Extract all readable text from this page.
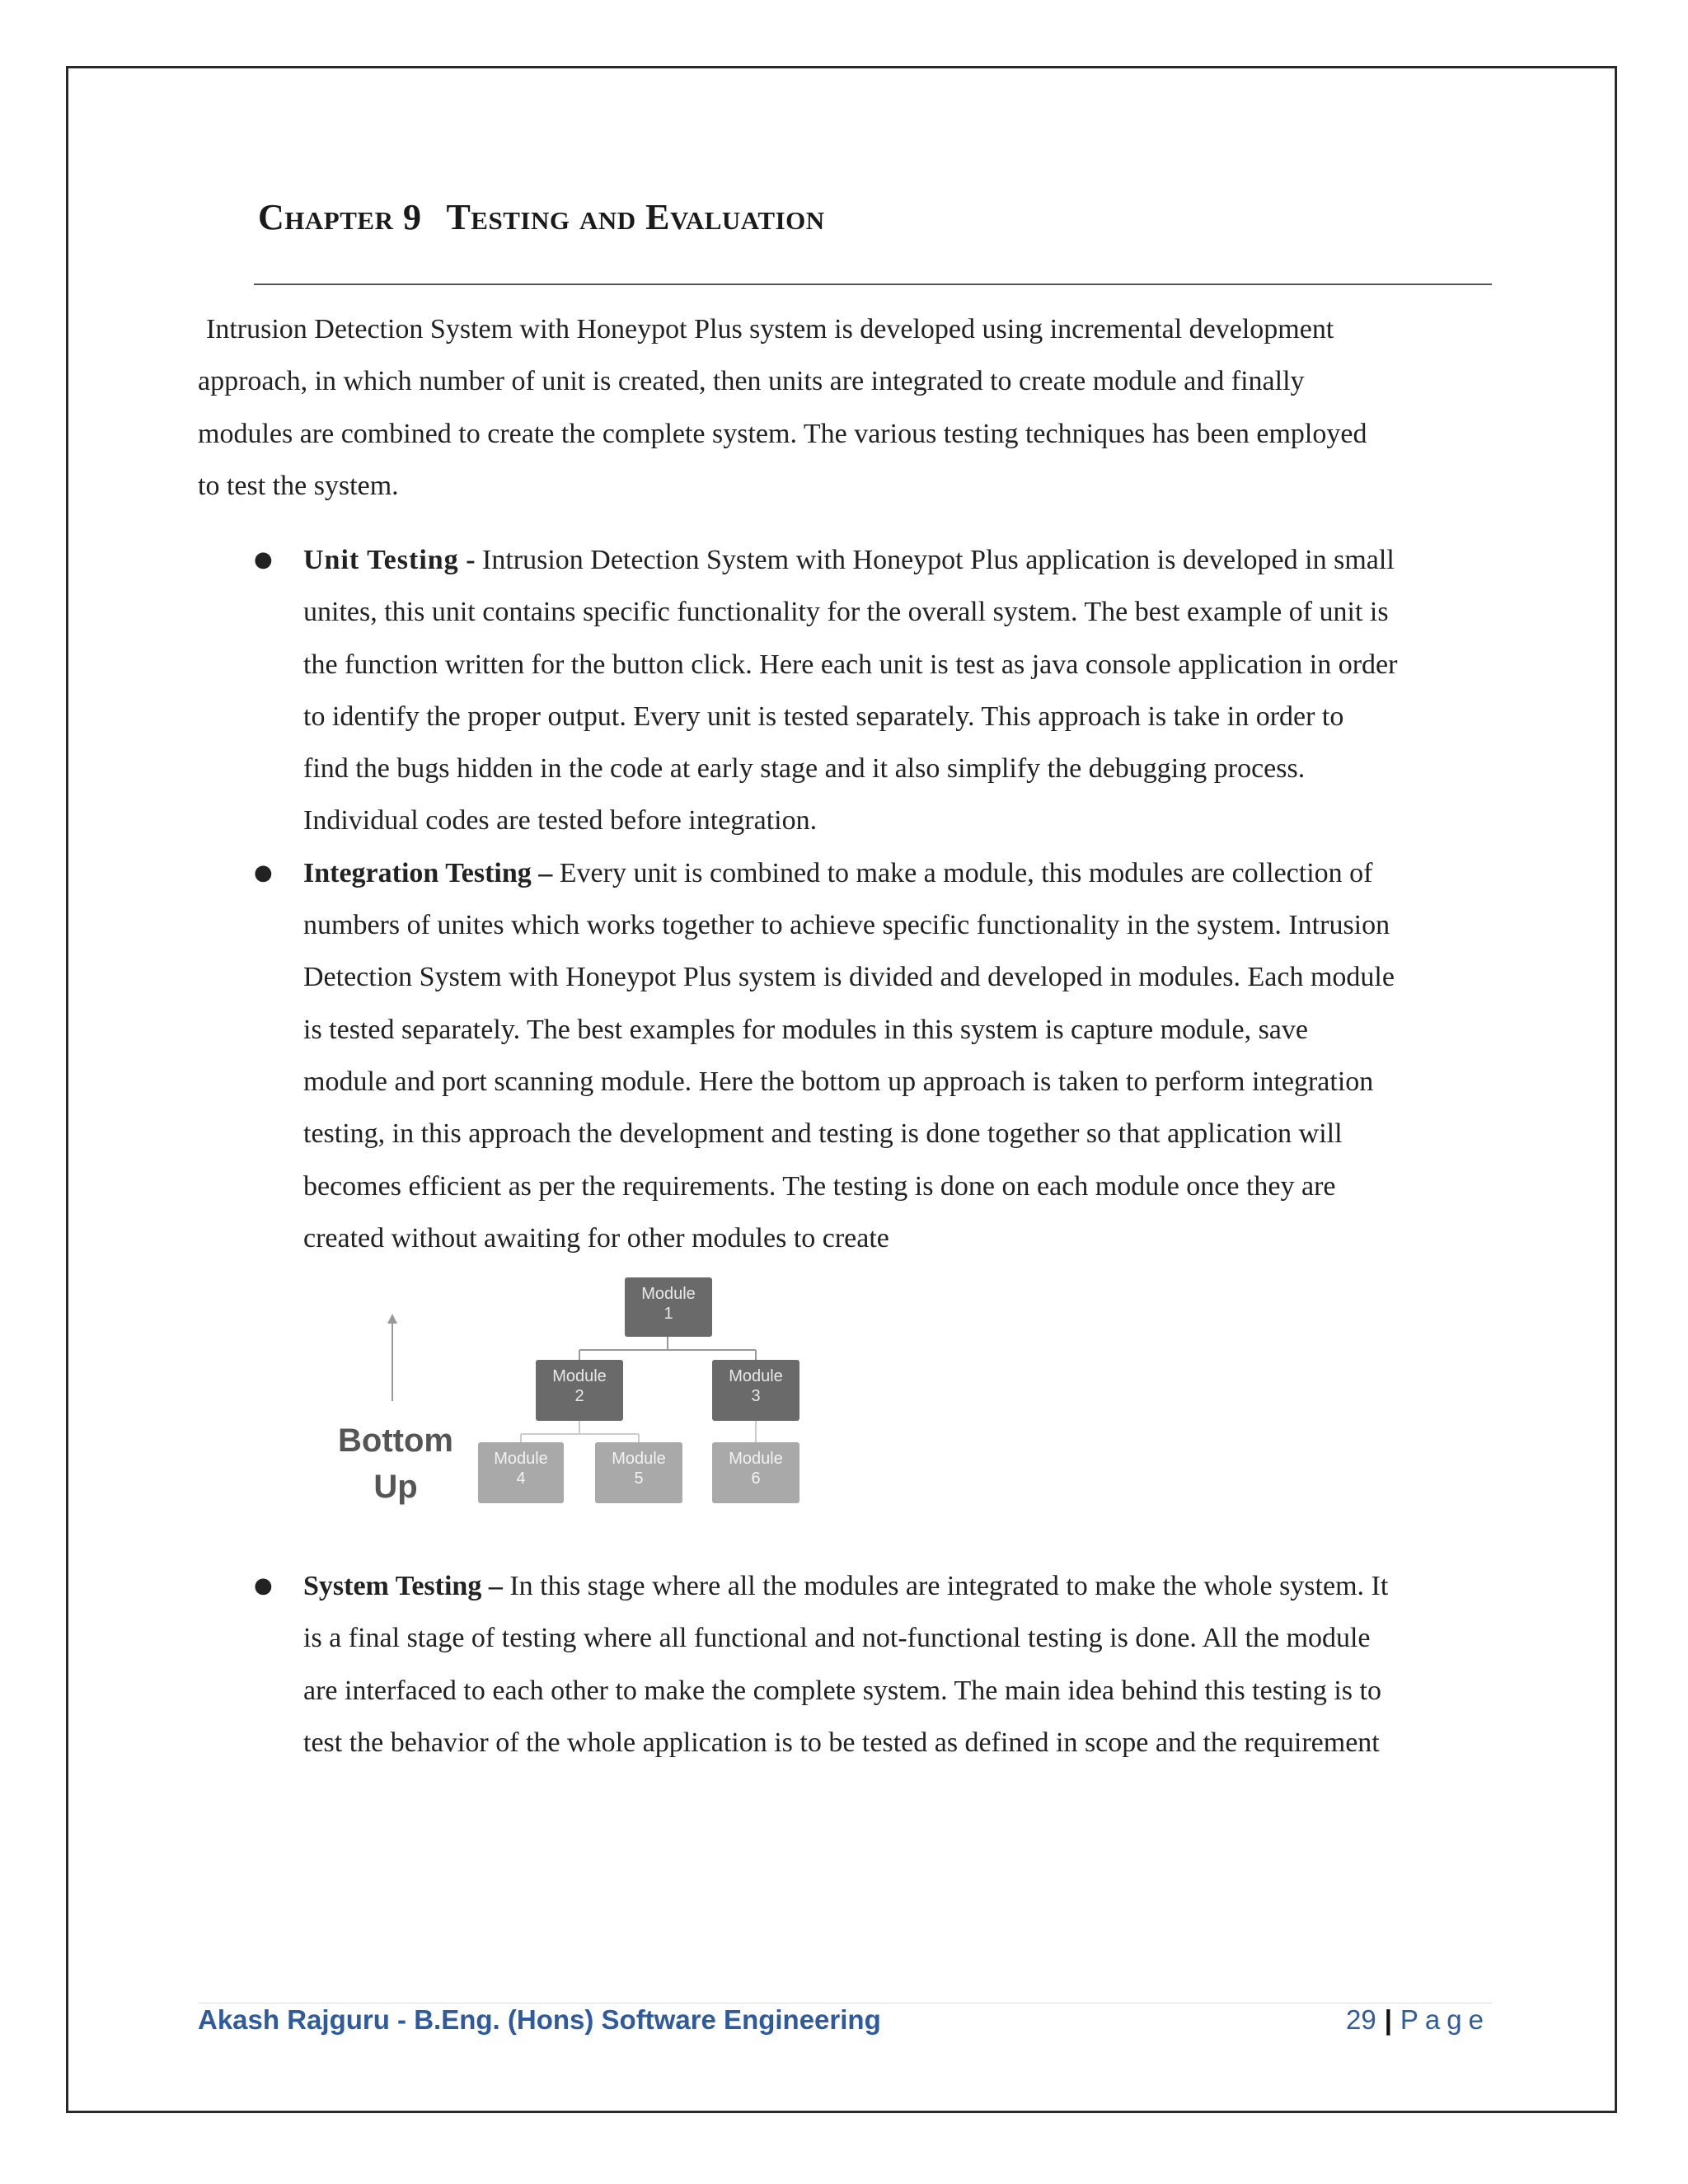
Chapter 9 Testing and Evaluation

Intrusion Detection System with Honeypot Plus system is developed using incremental development
approach, in which number of unit is created, then units are integrated to create module and finally
modules are combined to create the complete system. The various testing techniques has been employed
to test the system.

●	Unit Testing - Intrusion Detection System with Honeypot Plus application is developed in small
unites, this unit contains specific functionality for the overall system. The best example of unit is
the function written for the button click. Here each unit is test as java console application in order
to identify the proper output. Every unit is tested separately. This approach is take in order to
find the bugs hidden in the code at early stage and it also simplify the debugging process.
Individual codes are tested before integration.
●	Integration Testing – Every unit is combined to make a module, this modules are collection of
numbers of unites which works together to achieve specific functionality in the system. Intrusion
Detection System with Honeypot Plus system is divided and developed in modules. Each module
is tested separately. The best examples for modules in this system is capture module, save
module and port scanning module. Here the bottom up approach is taken to perform integration
testing, in this approach the development and testing is done together so that application will
becomes efficient as per the requirements. The testing is done on each module once they are
created without awaiting for other modules to create
Bottom
Up
Module
1
Module
2
Module
3
Module
4
Module
5
Module
6
●	System Testing – In this stage where all the modules are integrated to make the whole system. It
is a final stage of testing where all functional and not-functional testing is done. All the module
are interfaced to each other to make the complete system. The main idea behind this testing is to
test the behavior of the whole application is to be tested as defined in scope and the requirement
Akash Rajguru - B.Eng. (Hons) Software Engineering	29 | Page
